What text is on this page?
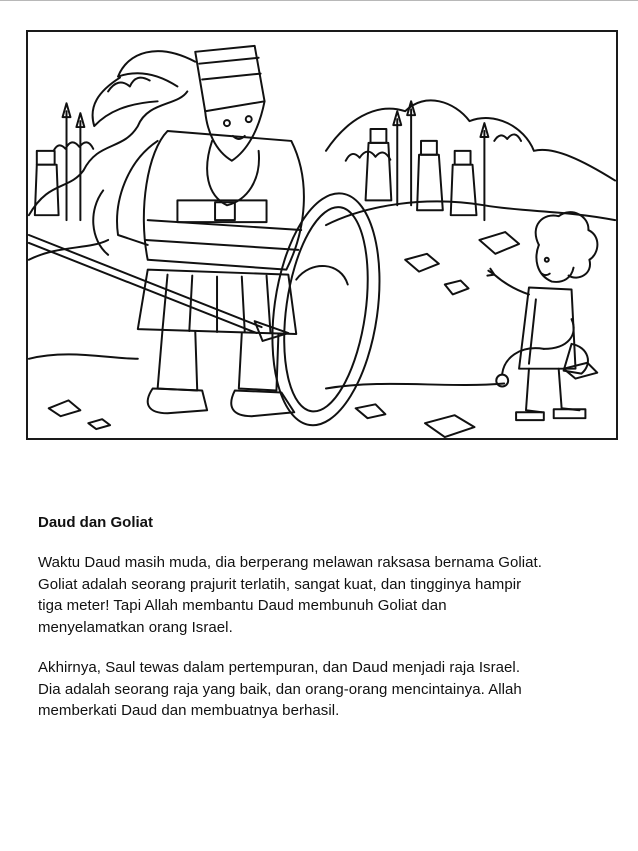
Daud dan Goliat
Waktu Daud masih muda, dia berperang melawan raksasa bernama Goliat.
Goliat adalah seorang prajurit terlatih, sangat kuat, dan tingginya hampir
tiga meter! Tapi Allah membantu Daud membunuh Goliat dan
menyelamatkan orang Israel.
Akhirnya, Saul tewas dalam pertempuran, dan Daud menjadi raja Israel.
Dia adalah seorang raja yang baik, dan orang-orang mencintainya. Allah
memberkati Daud dan membuatnya berhasil.
